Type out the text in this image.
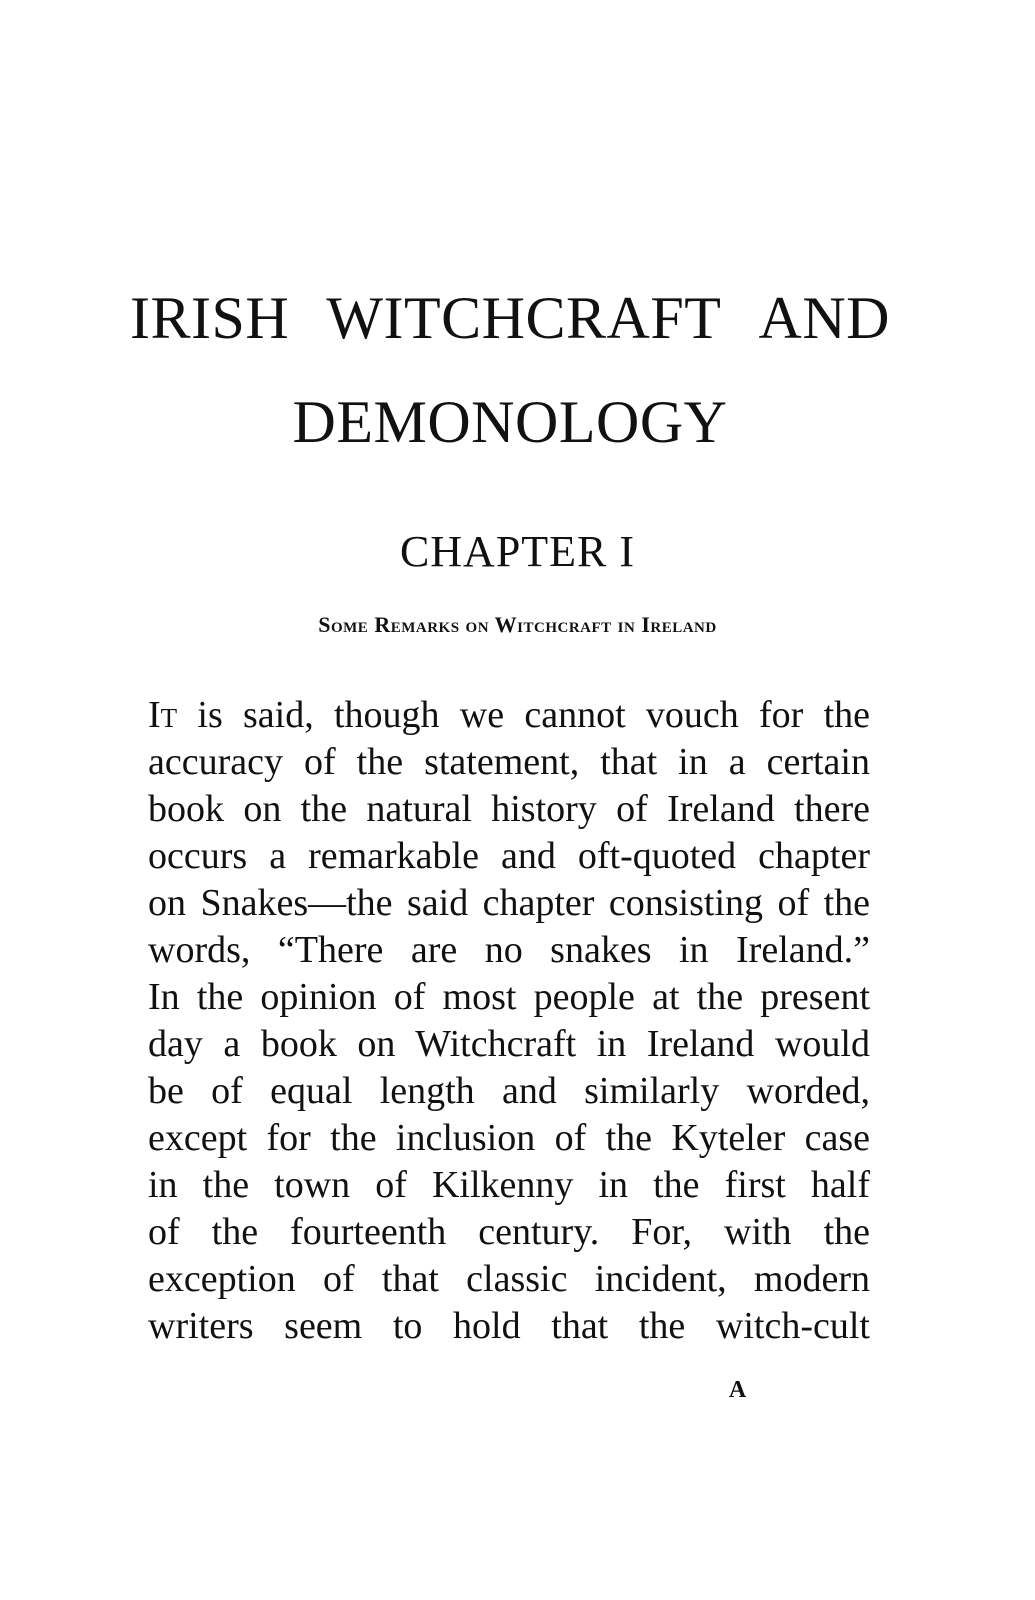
IRISH WITCHCRAFT AND
DEMONOLOGY
CHAPTER I
Some Remarks on Witchcraft in Ireland
It is said, though we cannot vouch for the
accuracy of the statement, that in a certain
book on the natural history of Ireland there
occurs a remarkable and oft-quoted chapter
on Snakes—the said chapter consisting of the
words, “There are no snakes in Ireland.”
In the opinion of most people at the present
day a book on Witchcraft in Ireland would
be of equal length and similarly worded,
except for the inclusion of the Kyteler case
in the town of Kilkenny in the first half
of the fourteenth century. For, with the
exception of that classic incident, modern
writers seem to hold that the witch-cult
A
